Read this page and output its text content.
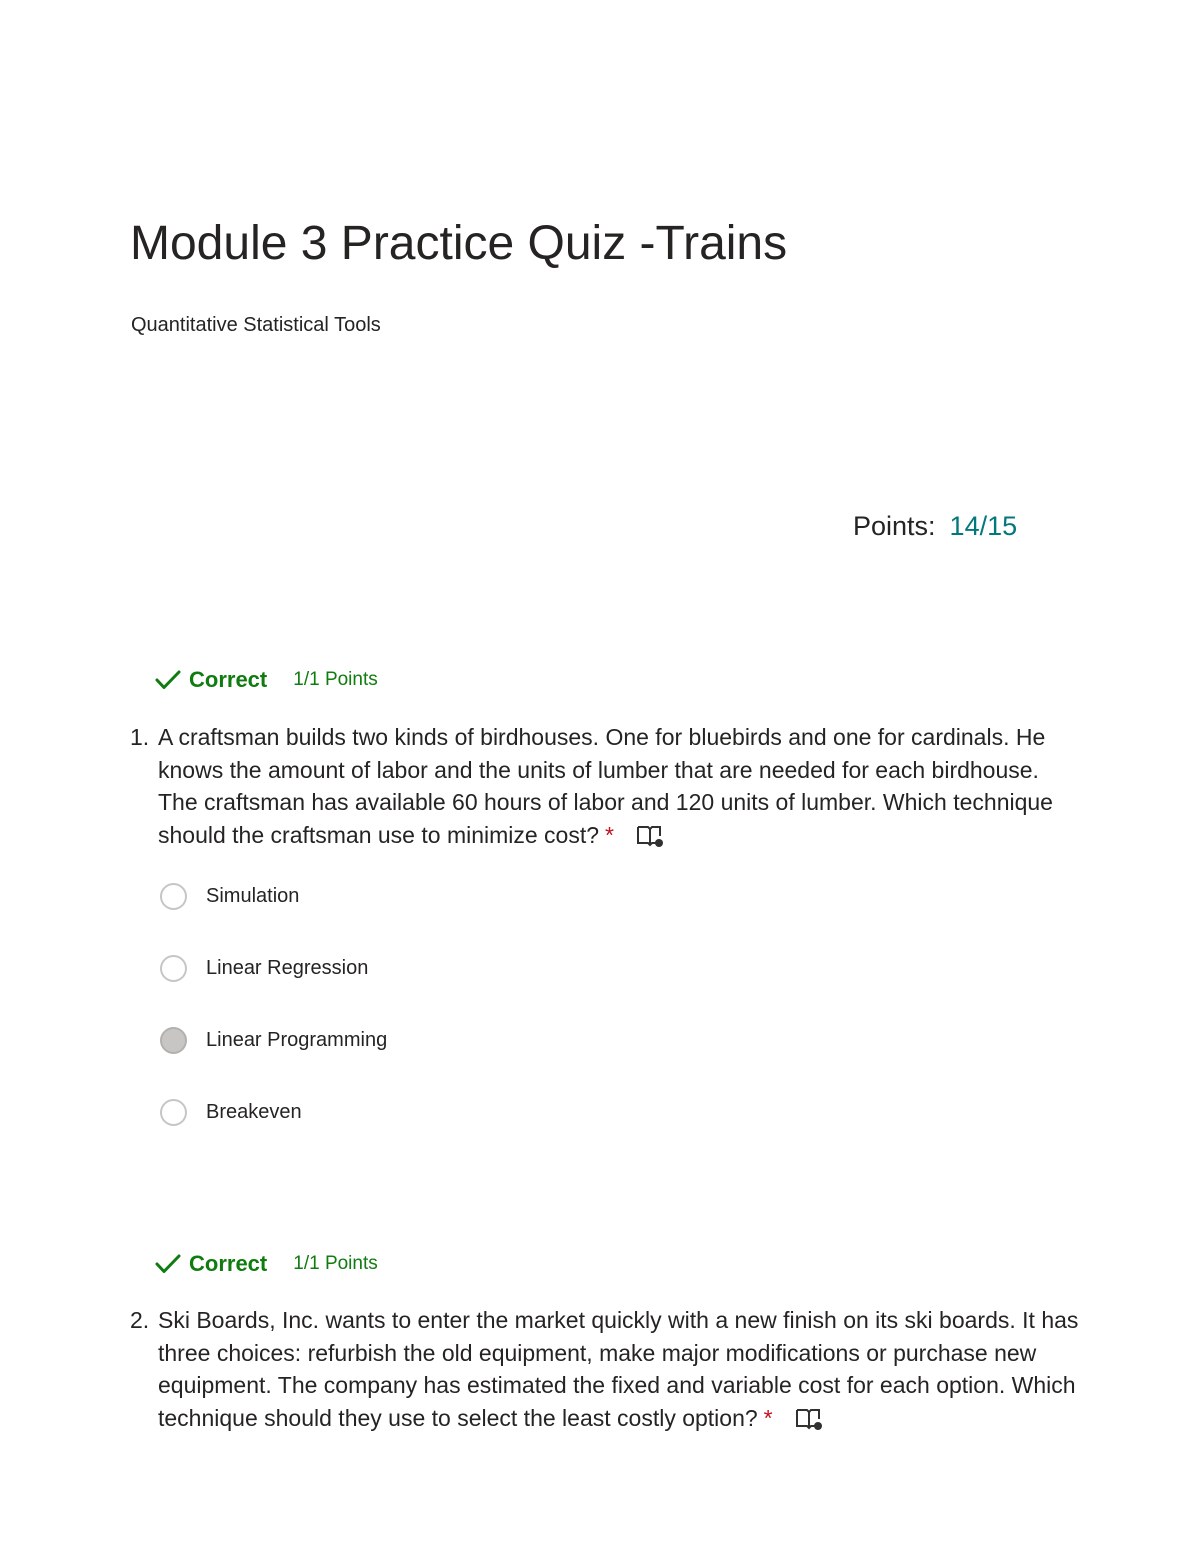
Module 3 Practice Quiz -Trains
Quantitative Statistical Tools
Points: 14/15
Correct 1/1 Points
1. A craftsman builds two kinds of birdhouses. One for bluebirds and one for cardinals. He knows the amount of labor and the units of lumber that are needed for each birdhouse. The craftsman has available 60 hours of labor and 120 units of lumber. Which technique should the craftsman use to minimize cost? *
Simulation
Linear Regression
Linear Programming
Breakeven
Correct 1/1 Points
2. Ski Boards, Inc. wants to enter the market quickly with a new finish on its ski boards. It has three choices: refurbish the old equipment, make major modifications or purchase new equipment. The company has estimated the fixed and variable cost for each option. Which technique should they use to select the least costly option? *
